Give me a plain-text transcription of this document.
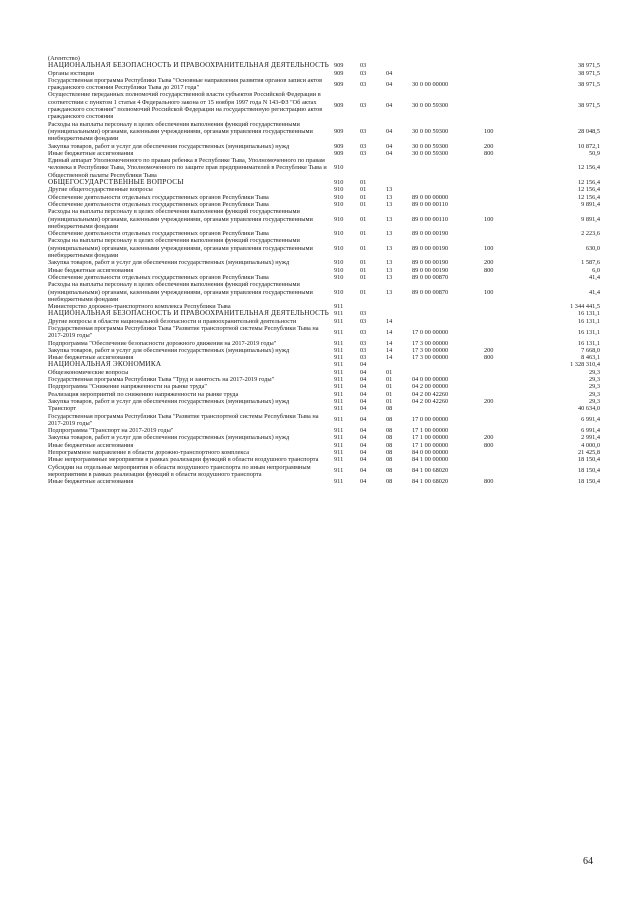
(Агентство)						
НАЦИОНАЛЬНАЯ БЕЗОПАСНОСТЬ И ПРАВООХРАНИТЕЛЬНАЯ ДЕЯТЕЛЬНОСТЬ	909	03				38 971,5
Органы юстиции	909	03	04			38 971,5
Государственная программа Республики Тыва "Основные направления развития органов записи актов гражданского состояния Республики Тыва до 2017 года"	909	03	04	30 0 00 00000		38 971,5
Осуществление переданных полномочий государственной власти субъектов Российской Федерации в соответствии с пунктом 1 статьи 4 Федерального закона от 15 ноября 1997 года N 143-ФЗ "Об актах гражданского состояния" полномочий Российской Федерации на государственную регистрацию актов гражданского состояния	909	03	04	30 0 00 59300		38 971,5
Расходы на выплаты персоналу в целях обеспечения выполнения функций государственными (муниципальными) органами, казенными учреждениями, органами управления государственными внебюджетными фондами	909	03	04	30 0 00 59300	100	28 048,5
Закупка товаров, работ и услуг для обеспечения государственных (муниципальных) нужд	909	03	04	30 0 00 59300	200	10 872,1
Иные бюджетные ассигнования	909	03	04	30 0 00 59300	800	50,9
Единый аппарат Уполномоченного по правам ребенка в Республике Тыва, Уполномоченного по правам человека в Республике Тыва, Уполномоченного по защите прав предпринимателей в Республике Тыва и Общественной палаты Республики Тыва	910					12 156,4
ОБЩЕГОСУДАРСТВЕННЫЕ ВОПРОСЫ	910	01				12 156,4
Другие общегосударственные вопросы	910	01	13			12 156,4
Обеспечение деятельности отдельных государственных органов Республики Тыва	910	01	13	89 0 00 00000		12 156,4
Обеспечение деятельности отдельных государственных органов Республики Тыва	910	01	13	89 0 00 00110		9 891,4
Расходы на выплаты персоналу в целях обеспечения выполнения функций государственными (муниципальными) органами, казенными учреждениями, органами управления государственными внебюджетными фондами	910	01	13	89 0 00 00110	100	9 891,4
Обеспечение деятельности отдельных государственных органов Республики Тыва	910	01	13	89 0 00 00190		2 223,6
Расходы на выплаты персоналу в целях обеспечения выполнения функций государственными (муниципальными) органами, казенными учреждениями, органами управления государственными внебюджетными фондами	910	01	13	89 0 00 00190	100	630,0
Закупка товаров, работ и услуг для обеспечения государственных (муниципальных) нужд	910	01	13	89 0 00 00190	200	1 587,6
Иные бюджетные ассигнования	910	01	13	89 0 00 00190	800	6,0
Обеспечение деятельности отдельных государственных органов Республики Тыва	910	01	13	89 0 00 00870		41,4
Расходы на выплаты персоналу в целях обеспечения выполнения функций государственными (муниципальными) органами, казенными учреждениями, органами управления государственными внебюджетными фондами	910	01	13	89 0 00 00870	100	41,4
Министерство дорожно-транспортного комплекса Республики Тыва	911					1 344 441,5
НАЦИОНАЛЬНАЯ БЕЗОПАСНОСТЬ И ПРАВООХРАНИТЕЛЬНАЯ ДЕЯТЕЛЬНОСТЬ	911	03				16 131,1
Другие вопросы в области национальной безопасности и правоохранительной деятельности	911	03	14			16 131,1
Государственная программа Республики Тыва "Развитие транспортной системы Республики Тыва на 2017-2019 годы"	911	03	14	17 0 00 00000		16 131,1
Подпрограмма "Обеспечение безопасности дорожного движения на 2017-2019 годы"	911	03	14	17 3 00 00000		16 131,1
Закупка товаров, работ и услуг для обеспечения государственных (муниципальных) нужд	911	03	14	17 3 00 00000	200	7 668,0
Иные бюджетные ассигнования	911	03	14	17 3 00 00000	800	8 463,1
НАЦИОНАЛЬНАЯ ЭКОНОМИКА	911	04				1 328 310,4
Общеэкономические вопросы	911	04	01			29,3
Государственная программа Республики Тыва "Труд и занятость на 2017-2019 годы"	911	04	01	04 0 00 00000		29,3
Подпрограмма "Снижение напряженности на рынке труда"	911	04	01	04 2 00 00000		29,3
Реализация мероприятий по снижению напряженности на рынке труда	911	04	01	04 2 00 42260		29,3
Закупка товаров, работ и услуг для обеспечения государственных (муниципальных) нужд	911	04	01	04 2 00 42260	200	29,3
Транспорт	911	04	08			40 634,0
Государственная программа Республики Тыва "Развитие транспортной системы Республики Тыва на 2017-2019 годы"	911	04	08	17 0 00 00000		6 991,4
Подпрограмма "Транспорт на 2017-2019 годы"	911	04	08	17 1 00 00000		6 991,4
Закупка товаров, работ и услуг для обеспечения государственных (муниципальных) нужд	911	04	08	17 1 00 00000	200	2 991,4
Иные бюджетные ассигнования	911	04	08	17 1 00 00000	800	4 000,0
Непрограммное направление в области дорожно-транспортного комплекса	911	04	08	84 0 00 00000		21 425,8
Иные непрограммные мероприятия в рамках реализации функций в области воздушного транспорта	911	04	08	84 1 00 00000		18 150,4
Субсидии на отдельные мероприятия в области воздушного транспорта по иным непрограммным мероприятиям в рамках реализации функций в области воздушного транспорта	911	04	08	84 1 00 68020		18 150,4
Иные бюджетные ассигнования	911	04	08	84 1 00 68020	800	18 150,4
64
